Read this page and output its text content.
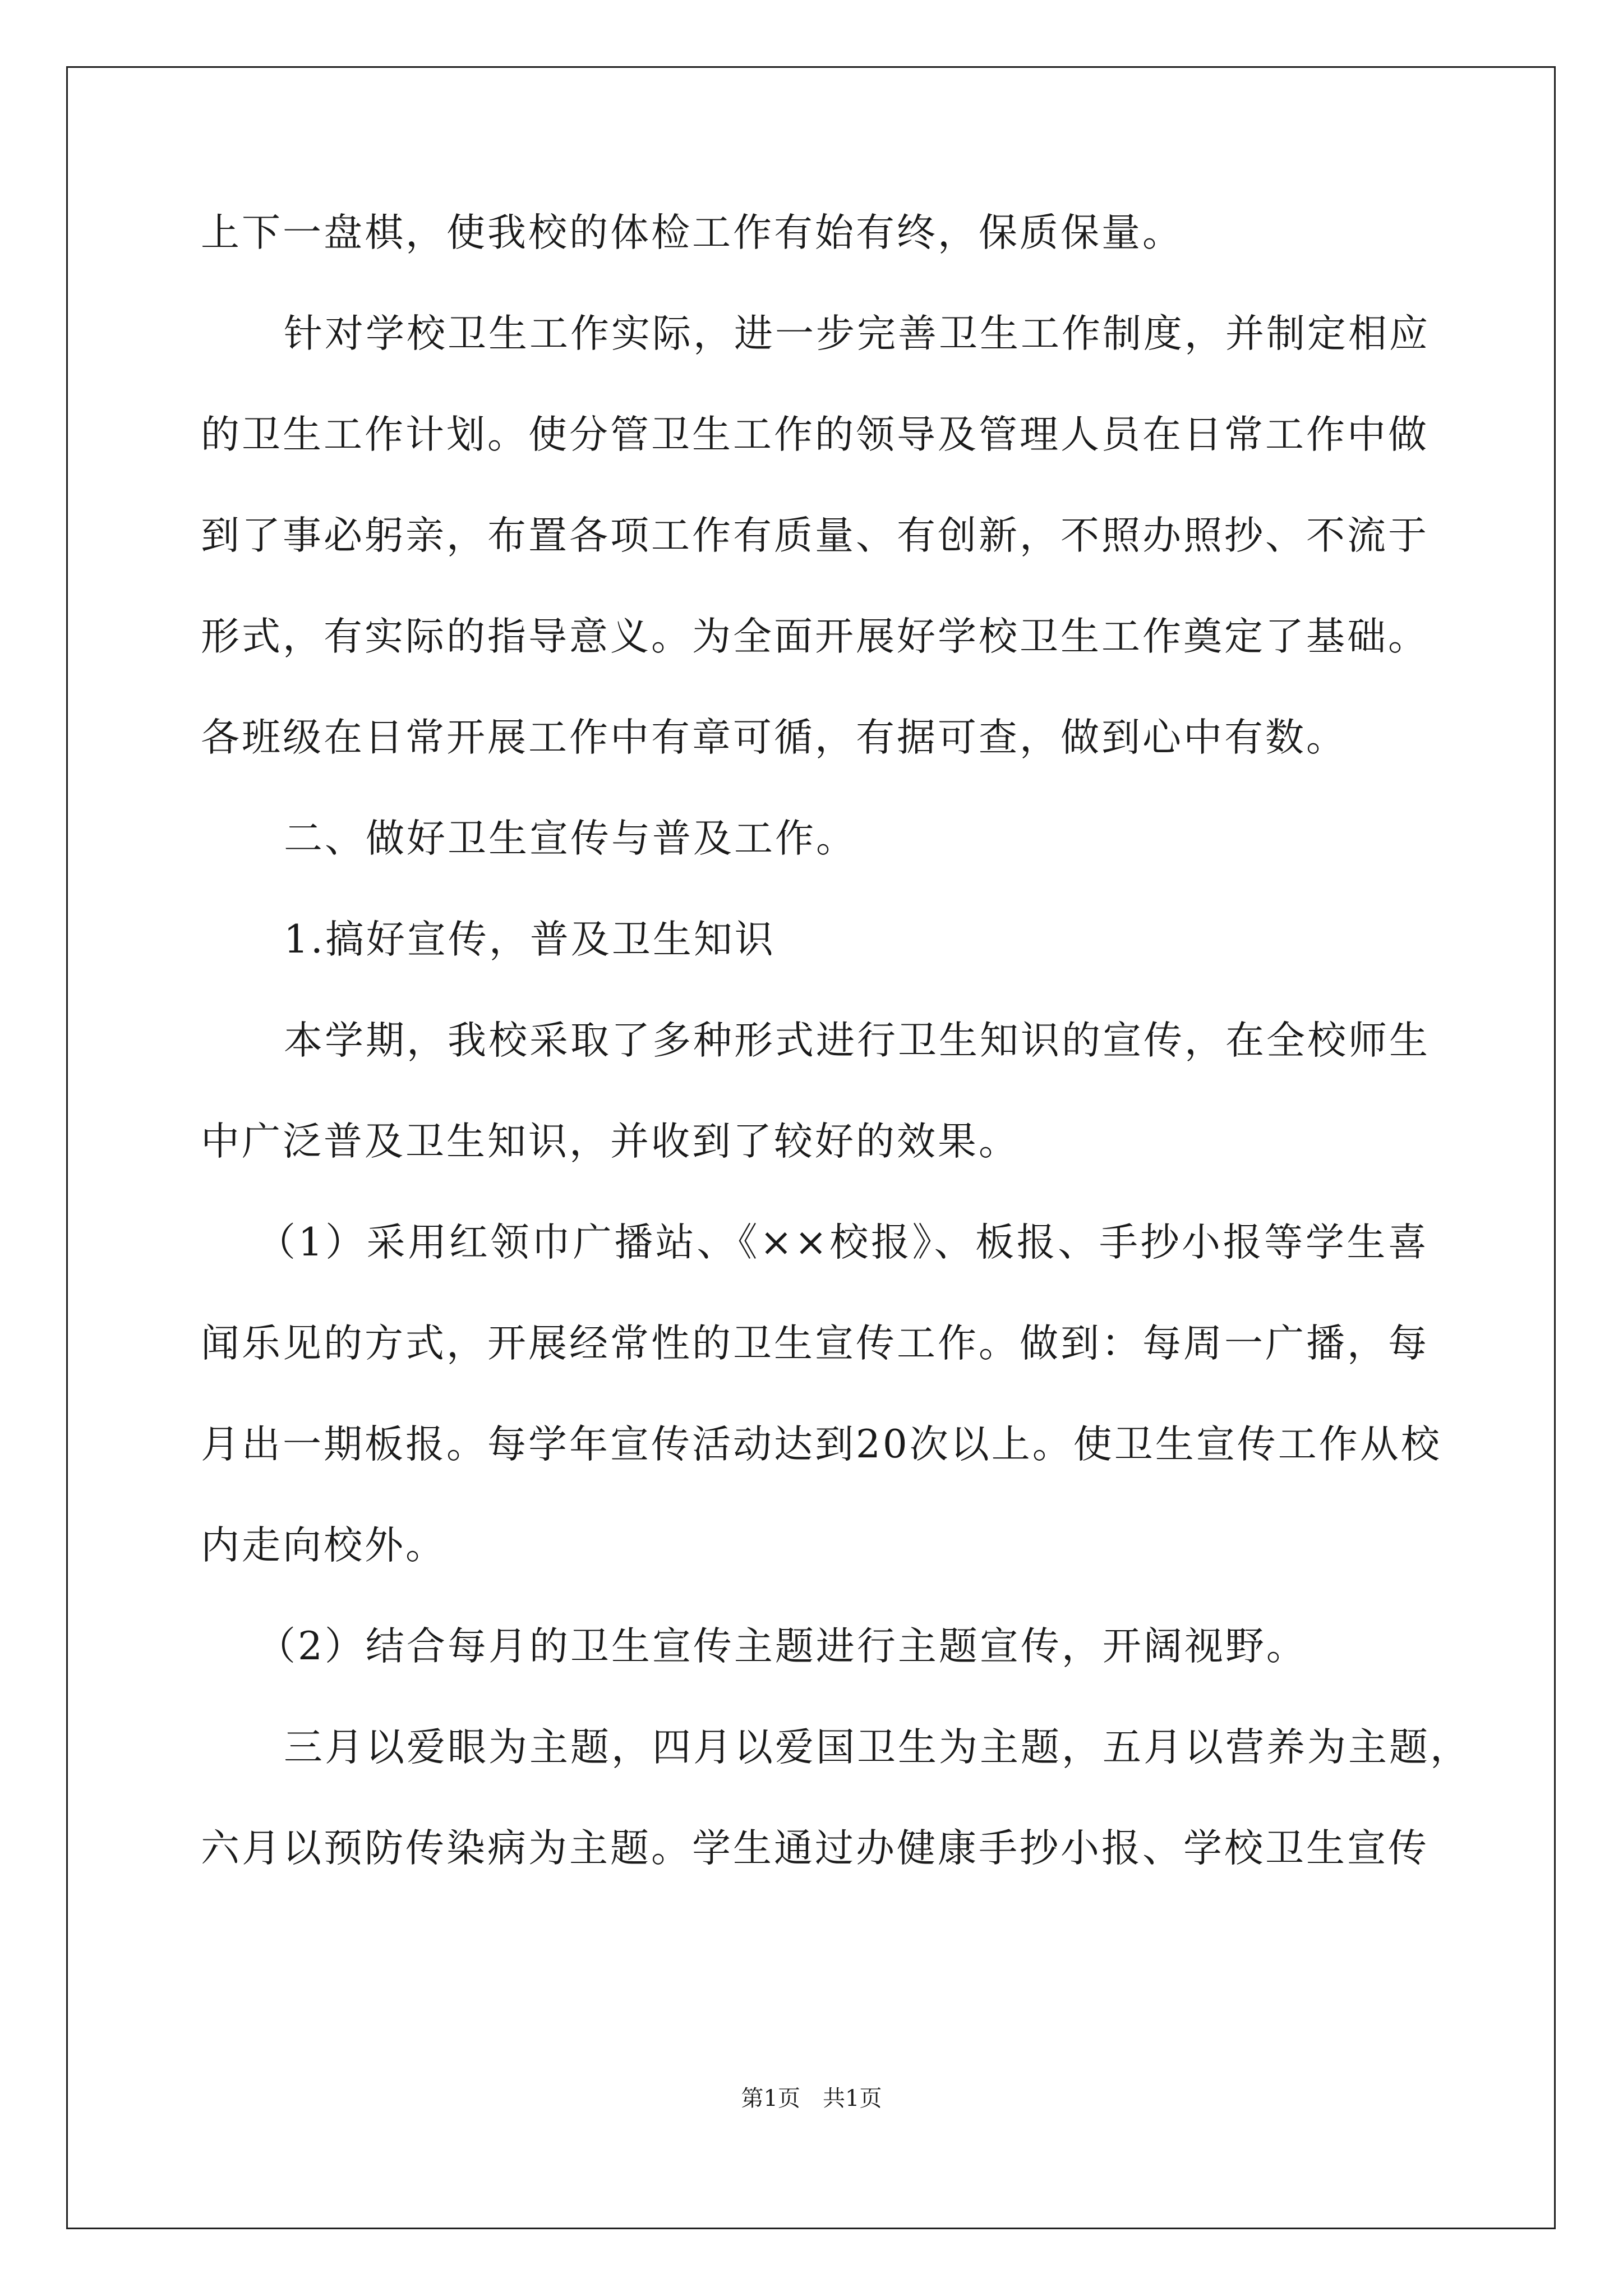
上下一盘棋，使我校的体检工作有始有终，保质保量。
针对学校卫生工作实际，进一步完善卫生工作制度，并制定相应
的卫生工作计划。使分管卫生工作的领导及管理人员在日常工作中做
到了事必躬亲，布置各项工作有质量、有创新，不照办照抄、不流于
形式，有实际的指导意义。为全面开展好学校卫生工作奠定了基础。
各班级在日常开展工作中有章可循，有据可查，做到心中有数。
二、做好卫生宣传与普及工作。
1.搞好宣传，普及卫生知识
本学期，我校采取了多种形式进行卫生知识的宣传，在全校师生
中广泛普及卫生知识，并收到了较好的效果。
（1）采用红领巾广播站、《××校报》、板报、手抄小报等学生喜
闻乐见的方式，开展经常性的卫生宣传工作。做到：每周一广播，每
月出一期板报。每学年宣传活动达到20次以上。使卫生宣传工作从校
内走向校外。
（2）结合每月的卫生宣传主题进行主题宣传，开阔视野。
三月以爱眼为主题，四月以爱国卫生为主题，五月以营养为主题，
六月以预防传染病为主题。学生通过办健康手抄小报、学校卫生宣传
第1页 共1页
